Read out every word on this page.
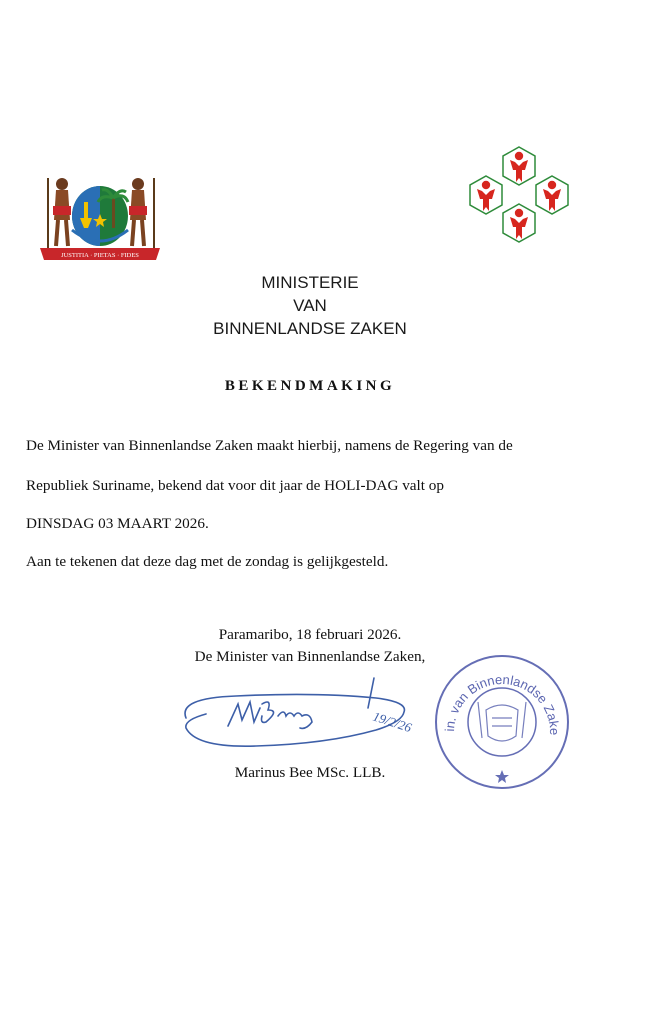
JUSTITIA · PIETAS · FIDES
MINISTERIE
VAN
BINNENLANDSE ZAKEN
BEKENDMAKING
De Minister van Binnenlandse Zaken maakt hierbij, namens de Regering van de
Republiek Suriname, bekend dat voor dit jaar de HOLI-DAG valt op
DINSDAG 03 MAART 2026.
Aan te tekenen dat deze dag met de zondag is gelijkgesteld.
Paramaribo, 18 februari 2026.
De Minister van Binnenlandse Zaken,
19/2/26	in. van Binnenlandse Zake
Marinus Bee MSc. LLB.
